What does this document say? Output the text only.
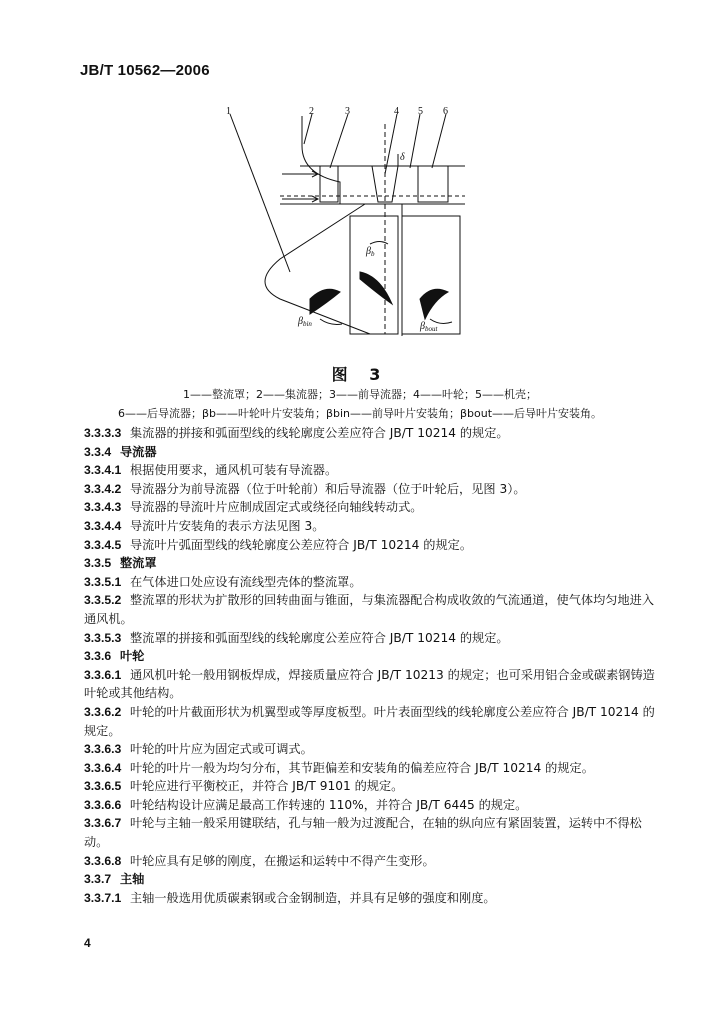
JB/T 10562—2006
1	2	3	4 5 6
δ
$\beta_b$
$\beta_{bin}$	$\beta_{bout}$
图 3
1——整流罩；2——集流器；3——前导流器；4——叶轮；5——机壳；
6——后导流器；βb——叶轮叶片安装角；βbin——前导叶片安装角；βbout——后导叶片安装角。

3.3.3.3 集流器的拼接和弧面型线的线轮廓度公差应符合 JB/T 10214 的规定。

3.3.4 导流器

3.3.4.1 根据使用要求，通风机可装有导流器。

3.3.4.2 导流器分为前导流器（位于叶轮前）和后导流器（位于叶轮后，见图 3）。

3.3.4.3 导流器的导流叶片应制成固定式或绕径向轴线转动式。

3.3.4.4 导流叶片安装角的表示方法见图 3。

3.3.4.5 导流叶片弧面型线的线轮廓度公差应符合 JB/T 10214 的规定。

3.3.5 整流罩

3.3.5.1 在气体进口处应设有流线型壳体的整流罩。

3.3.5.2 整流罩的形状为扩散形的回转曲面与锥面，与集流器配合构成收敛的气流通道，使气体均匀地进入通风机。

3.3.5.3 整流罩的拼接和弧面型线的线轮廓度公差应符合 JB/T 10214 的规定。

3.3.6 叶轮

3.3.6.1 通风机叶轮一般用钢板焊成，焊接质量应符合 JB/T 10213 的规定；也可采用铝合金或碳素钢铸造叶轮或其他结构。

3.3.6.2 叶轮的叶片截面形状为机翼型或等厚度板型。叶片表面型线的线轮廓度公差应符合 JB/T 10214 的规定。

3.3.6.3 叶轮的叶片应为固定式或可调式。

3.3.6.4 叶轮的叶片一般为均匀分布，其节距偏差和安装角的偏差应符合 JB/T 10214 的规定。

3.3.6.5 叶轮应进行平衡校正，并符合 JB/T 9101 的规定。

3.3.6.6 叶轮结构设计应满足最高工作转速的 110%，并符合 JB/T 6445 的规定。

3.3.6.7 叶轮与主轴一般采用键联结，孔与轴一般为过渡配合，在轴的纵向应有紧固装置，运转中不得松动。

3.3.6.8 叶轮应具有足够的刚度，在搬运和运转中不得产生变形。

3.3.7 主轴

3.3.7.1 主轴一般选用优质碳素钢或合金钢制造，并具有足够的强度和刚度。

4
